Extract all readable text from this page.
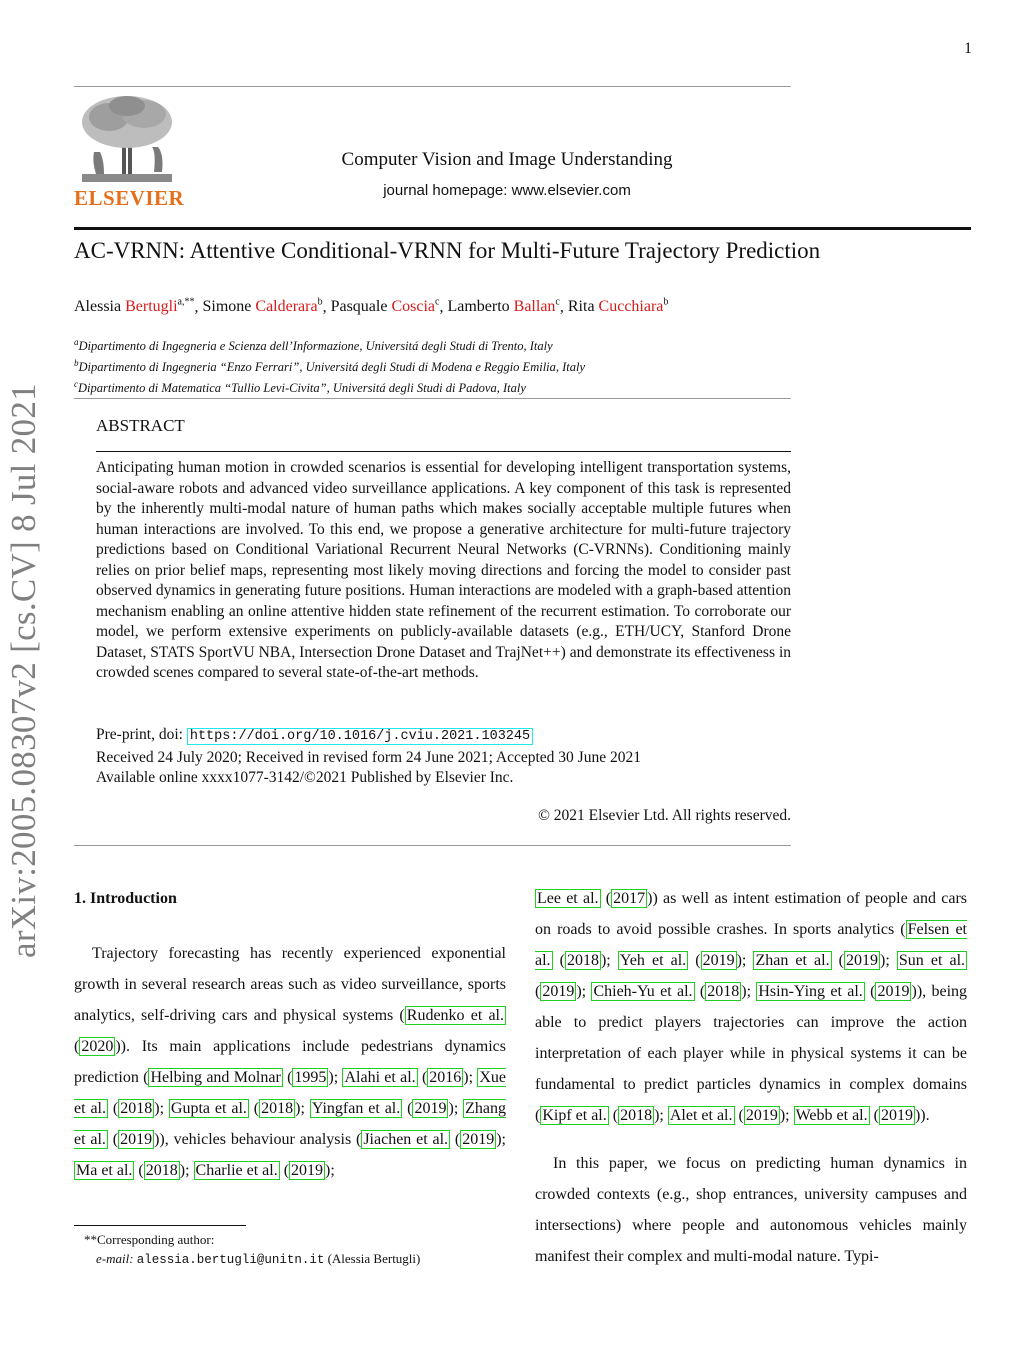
1
ELSEVIER
Computer Vision and Image Understanding
journal homepage: www.elsevier.com
AC-VRNN: Attentive Conditional-VRNN for Multi-Future Trajectory Prediction
Alessia Bertugli$^{a,**}$, Simone Calderara$^b$, Pasquale Coscia$^c$, Lamberto Ballan$^c$, Rita Cucchiara$^b$
$^a$Dipartimento di Ingegneria e Scienza dell’Informazione, Universitá degli Studi di Trento, Italy
$^b$Dipartimento di Ingegneria “Enzo Ferrari”, Universitá degli Studi di Modena e Reggio Emilia, Italy
$^c$Dipartimento di Matematica “Tullio Levi-Civita”, Universitá degli Studi di Padova, Italy
arXiv:2005.08307v2 [cs.CV] 8 Jul 2021	ABSTRACT
Anticipating human motion in crowded scenarios is essential for developing intelligent transportation systems, social-aware robots and advanced video surveillance applications. A key component of this task is represented by the inherently multi-modal nature of human paths which makes socially acceptable multiple futures when human interactions are involved. To this end, we propose a generative architecture for multi-future trajectory predictions based on Conditional Variational Recurrent Neural Networks (C-VRNNs). Conditioning mainly relies on prior belief maps, representing most likely moving directions and forcing the model to consider past observed dynamics in generating future positions. Human interactions are modeled with a graph-based attention mechanism enabling an online attentive hidden state refinement of the recurrent estimation. To corroborate our model, we perform extensive experiments on publicly-available datasets (e.g., ETH/UCY, Stanford Drone Dataset, STATS SportVU NBA, Intersection Drone Dataset and TrajNet++) and demonstrate its effectiveness in crowded scenes compared to several state-of-the-art methods.
Pre-print, doi: https://doi.org/10.1016/j.cviu.2021.103245
Received 24 July 2020; Received in revised form 24 June 2021; Accepted 30 June 2021
Available online xxxx1077-3142/©2021 Published by Elsevier Inc.
© 2021 Elsevier Ltd. All rights reserved.
1. Introduction

Trajectory forecasting has recently experienced exponential growth in several research areas such as video surveillance, sports analytics, self-driving cars and physical systems ( Rudenko et al. ( 2020 )). Its main applications include pedestrians dynamics prediction ( Helbing and Molnar ( 1995 ); Alahi et al. ( 2016 ); Xue et al. ( 2018 ); Gupta et al. ( 2018 ); Yingfan et al. ( 2019 ); Zhang et al. ( 2019 )), vehicles behaviour analysis ( Jiachen et al. ( 2019 ); Ma et al. ( 2018 ); Charlie et al. ( 2019 );

Lee et al. ( 2017 )) as well as intent estimation of people and cars on roads to avoid possible crashes. In sports analytics ( Felsen et al. ( 2018 ); Yeh et al. ( 2019 ); Zhan et al. ( 2019 ); Sun et al. ( 2019 ); Chieh-Yu et al. ( 2018 ); Hsin-Ying et al. ( 2019 )), being able to predict players trajectories can improve the action interpretation of each player while in physical systems it can be fundamental to predict particles dynamics in complex domains ( Kipf et al. ( 2018 ); Alet et al. ( 2019 ); Webb et al. ( 2019 )).

In this paper, we focus on predicting human dynamics in crowded contexts (e.g., shop entrances, university campuses and intersections) where people and autonomous vehicles mainly manifest their complex and multi-modal nature. Typi-

**Corresponding author:
e-mail: alessia.bertugli@unitn.it (Alessia Bertugli)
